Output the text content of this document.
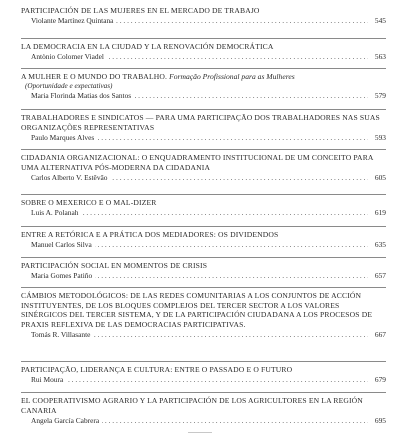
PARTICIPACIÓN DE LAS MUJERES EN EL MERCADO DE TRABAJO
. . .
Violante Martínez Quintana	545
LA DEMOCRACIA EN LA CIUDAD Y LA RENOVACIÓN DEMOCRÁTICA
. . .
Antònio Colomer Viadel	563
A MULHER E O MUNDO DO TRABALHO. Formação Profissional para as Mulheres
(Oportunidade e expectativas)
. . .
Maria Florinda Matias dos Santos	579
TRABALHADORES E SINDICATOS — PARA UMA PARTICIPAÇÃO DOS TRABALHADORES NAS SUAS ORGANIZAÇÕES REPRESENTATIVAS
. . .
Paulo Marques Alves	593
CIDADANIA ORGANIZACIONAL: O ENQUADRAMENTO INSTITUCIONAL DE UM CONCEITO PARA UMA ALTERNATIVA PÓS-MODERNA DA CIDADANIA
. . .
Carlos Alberto V. Estêvão	605
SOBRE O MEXERICO E O MAL-DIZER
. . .
Luis A. Polanah	619
ENTRE A RETÓRICA E A PRÁTICA DOS MEDIADORES: OS DIVIDENDOS
. . .
Manuel Carlos Silva	635
PARTICIPACIÓN SOCIAL EN MOMENTOS DE CRISIS
. . .
Maria Gomes Patiño	657
CÁMBIOS METODOLÓGICOS: DE LAS REDES COMUNITARIAS A LOS CONJUNTOS DE ACCIÓN INSTITUYENTES, DE LOS BLOQUES COMPLEJOS DEL TERCER SECTOR A LOS VALORES SINÉRGICOS DEL TERCER SISTEMA, Y DE LA PARTICIPACIÓN CIUDADANA A LOS PROCESOS DE PRAXIS REFLEXIVA DE LAS DEMOCRACIAS PARTICIPATIVAS.
. . .
Tomás R. Villasante	667
PARTICIPAÇÃO, LIDERANÇA E CULTURA: ENTRE O PASSADO E O FUTURO
. . .
Rui Moura	679
EL COOPERATIVISMO AGRARIO Y LA PARTICIPACIÓN DE LOS AGRICULTORES EN LA REGIÓN CANARIA
. . .
Angela García Cabrera	695
